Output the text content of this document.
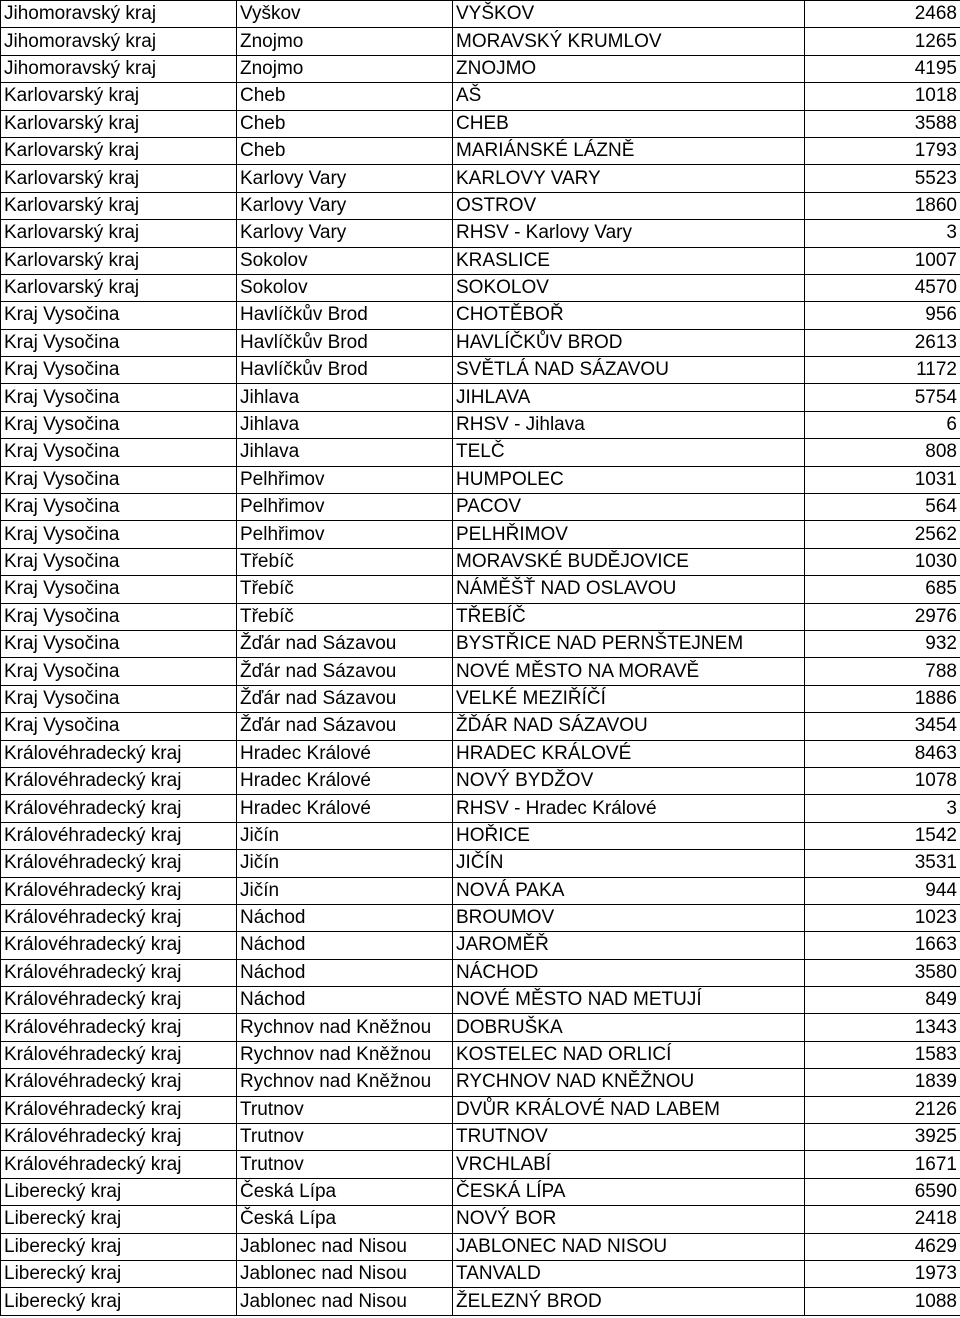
Jihomoravský kraj	Vyškov	VYŠKOV	2468
Jihomoravský kraj	Znojmo	MORAVSKÝ KRUMLOV	1265
Jihomoravský kraj	Znojmo	ZNOJMO	4195
Karlovarský kraj	Cheb	AŠ	1018
Karlovarský kraj	Cheb	CHEB	3588
Karlovarský kraj	Cheb	MARIÁNSKÉ LÁZNĚ	1793
Karlovarský kraj	Karlovy Vary	KARLOVY VARY	5523
Karlovarský kraj	Karlovy Vary	OSTROV	1860
Karlovarský kraj	Karlovy Vary	RHSV - Karlovy Vary	3
Karlovarský kraj	Sokolov	KRASLICE	1007
Karlovarský kraj	Sokolov	SOKOLOV	4570
Kraj Vysočina	Havlíčkův Brod	CHOTĚBOŘ	956
Kraj Vysočina	Havlíčkův Brod	HAVLÍČKŮV BROD	2613
Kraj Vysočina	Havlíčkův Brod	SVĚTLÁ NAD SÁZAVOU	1172
Kraj Vysočina	Jihlava	JIHLAVA	5754
Kraj Vysočina	Jihlava	RHSV - Jihlava	6
Kraj Vysočina	Jihlava	TELČ	808
Kraj Vysočina	Pelhřimov	HUMPOLEC	1031
Kraj Vysočina	Pelhřimov	PACOV	564
Kraj Vysočina	Pelhřimov	PELHŘIMOV	2562
Kraj Vysočina	Třebíč	MORAVSKÉ BUDĚJOVICE	1030
Kraj Vysočina	Třebíč	NÁMĚŠŤ NAD OSLAVOU	685
Kraj Vysočina	Třebíč	TŘEBÍČ	2976
Kraj Vysočina	Žďár nad Sázavou	BYSTŘICE NAD PERNŠTEJNEM	932
Kraj Vysočina	Žďár nad Sázavou	NOVÉ MĚSTO NA MORAVĚ	788
Kraj Vysočina	Žďár nad Sázavou	VELKÉ MEZIŘÍČÍ	1886
Kraj Vysočina	Žďár nad Sázavou	ŽĎÁR NAD SÁZAVOU	3454
Královéhradecký kraj	Hradec Králové	HRADEC KRÁLOVÉ	8463
Královéhradecký kraj	Hradec Králové	NOVÝ BYDŽOV	1078
Královéhradecký kraj	Hradec Králové	RHSV - Hradec Králové	3
Královéhradecký kraj	Jičín	HOŘICE	1542
Královéhradecký kraj	Jičín	JIČÍN	3531
Královéhradecký kraj	Jičín	NOVÁ PAKA	944
Královéhradecký kraj	Náchod	BROUMOV	1023
Královéhradecký kraj	Náchod	JAROMĚŘ	1663
Královéhradecký kraj	Náchod	NÁCHOD	3580
Královéhradecký kraj	Náchod	NOVÉ MĚSTO NAD METUJÍ	849
Královéhradecký kraj	Rychnov nad Kněžnou	DOBRUŠKA	1343
Královéhradecký kraj	Rychnov nad Kněžnou	KOSTELEC NAD ORLICÍ	1583
Královéhradecký kraj	Rychnov nad Kněžnou	RYCHNOV NAD KNĚŽNOU	1839
Královéhradecký kraj	Trutnov	DVŮR KRÁLOVÉ NAD LABEM	2126
Královéhradecký kraj	Trutnov	TRUTNOV	3925
Královéhradecký kraj	Trutnov	VRCHLABÍ	1671
Liberecký kraj	Česká Lípa	ČESKÁ LÍPA	6590
Liberecký kraj	Česká Lípa	NOVÝ BOR	2418
Liberecký kraj	Jablonec nad Nisou	JABLONEC NAD NISOU	4629
Liberecký kraj	Jablonec nad Nisou	TANVALD	1973
Liberecký kraj	Jablonec nad Nisou	ŽELEZNÝ BROD	1088
